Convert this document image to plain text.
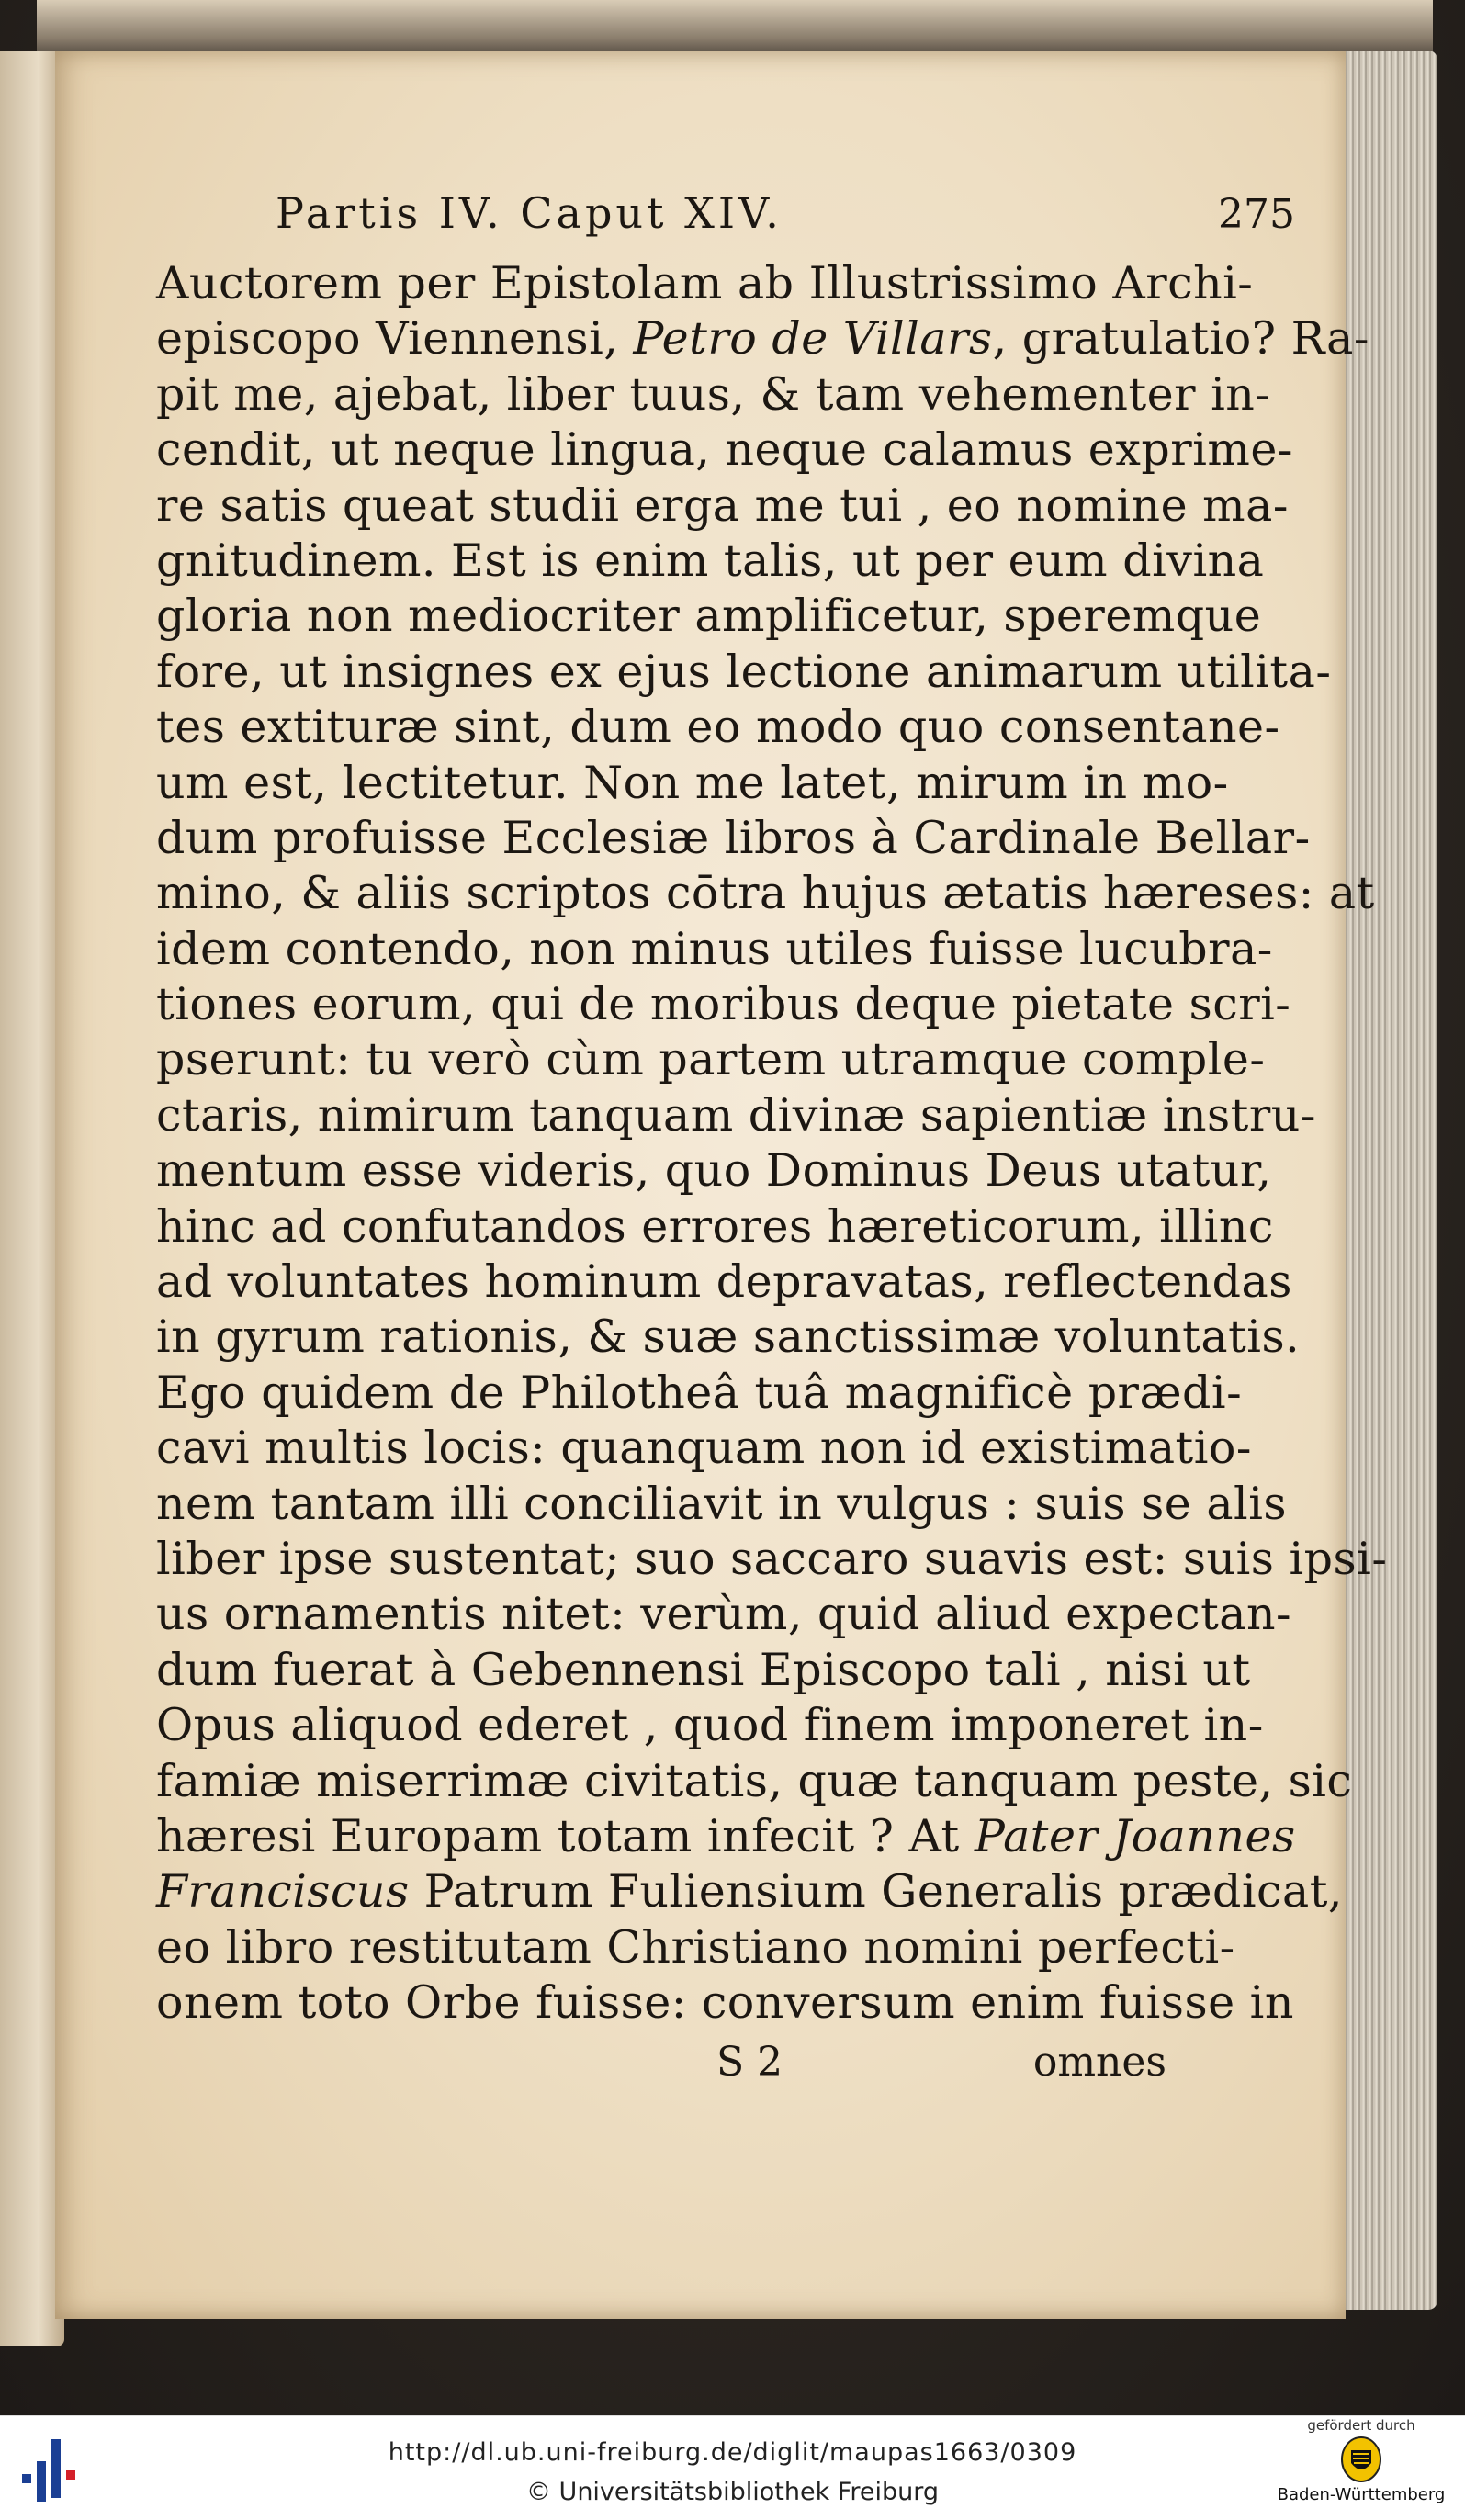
Partis IV. Caput XIV.	275
Auctorem per Epistolam ab Illustrissimo Archi-
episcopo Viennensi, Petro de Villars, gratulatio? Ra-
pit me, ajebat, liber tuus, & tam vehementer in-
cendit, ut neque lingua, neque calamus exprime-
re satis queat studii erga me tui , eo nomine ma-
gnitudinem. Est is enim talis, ut per eum divina
gloria non mediocriter amplificetur, speremque
fore, ut insignes ex ejus lectione animarum utilita-
tes extituræ sint, dum eo modo quo consentane-
um est, lectitetur. Non me latet, mirum in mo-
dum profuisse Ecclesiæ libros à Cardinale Bellar-
mino, & aliis scriptos cōtra hujus ætatis hæreses: at
idem contendo, non minus utiles fuisse lucubra-
tiones eorum, qui de moribus deque pietate scri-
pserunt: tu verò cùm partem utramque comple-
ctaris, nimirum tanquam divinæ sapientiæ instru-
mentum esse videris, quo Dominus Deus utatur,
hinc ad confutandos errores hæreticorum, illinc
ad voluntates hominum depravatas, reflectendas
in gyrum rationis, & suæ sanctissimæ voluntatis.
Ego quidem de Philotheâ tuâ magnificè prædi-
cavi multis locis: quanquam non id existimatio-
nem tantam illi conciliavit in vulgus : suis se alis
liber ipse sustentat; suo saccaro suavis est: suis ipsi-
us ornamentis nitet: verùm, quid aliud expectan-
dum fuerat à Gebennensi Episcopo tali , nisi ut
Opus aliquod ederet , quod finem imponeret in-
famiæ miserrimæ civitatis, quæ tanquam peste, sic
hæresi Europam totam infecit ? At Pater Joannes
Franciscus Patrum Fuliensium Generalis prædicat,
eo libro restitutam Christiano nomini perfecti-
onem toto Orbe fuisse: conversum enim fuisse in
S 2	omnes
http://dl.ub.uni-freiburg.de/diglit/maupas1663/0309
© Universitätsbibliothek Freiburg
gefördert durch
Baden-Württemberg
